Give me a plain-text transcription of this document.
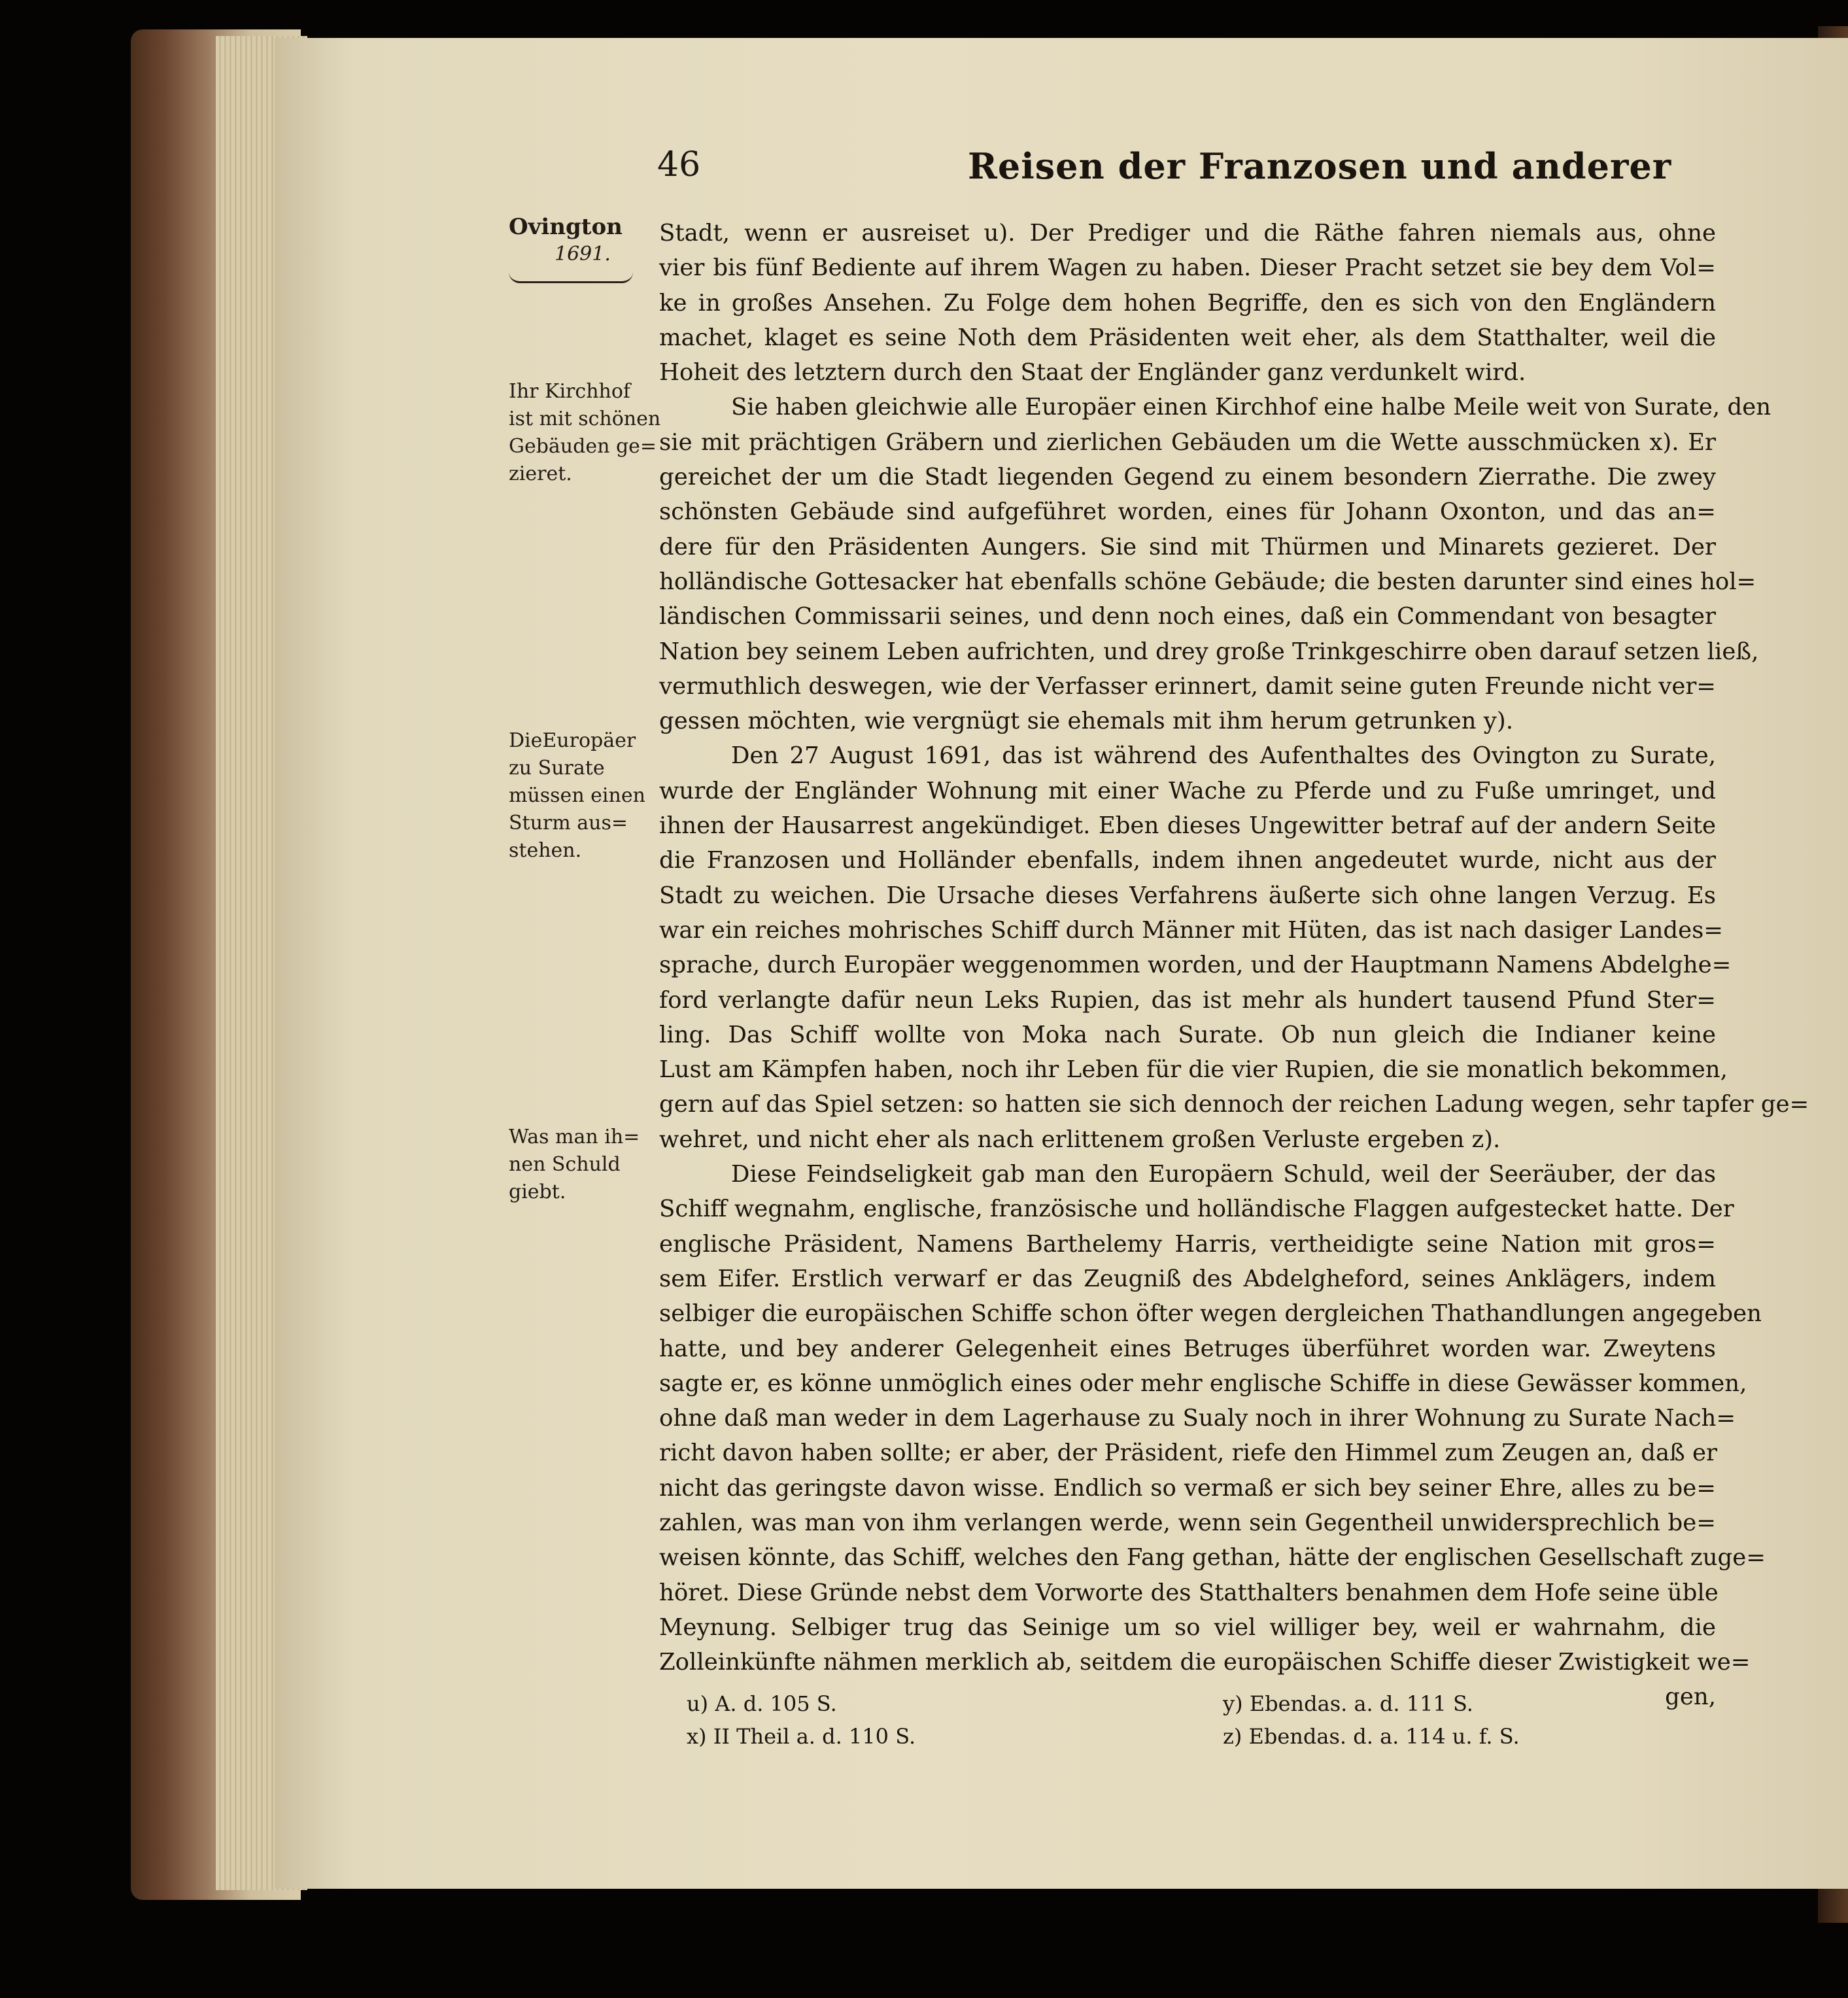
46	Reisen der Franzosen und anderer
Ovington
1691.
Ihr Kirchhof
ist mit schönen
Gebäuden ge=
zieret.
DieEuropäer
zu Surate
müssen einen
Sturm aus=
stehen.
Was man ih=
nen Schuld
giebt.
Stadt, wenn er ausreiset u). Der Prediger und die Räthe fahren niemals aus, ohne
vier bis fünf Bediente auf ihrem Wagen zu haben. Dieser Pracht setzet sie bey dem Vol=
ke in großes Ansehen. Zu Folge dem hohen Begriffe, den es sich von den Engländern
machet, klaget es seine Noth dem Präsidenten weit eher, als dem Statthalter, weil die
Hoheit des letztern durch den Staat der Engländer ganz verdunkelt wird.
Sie haben gleichwie alle Europäer einen Kirchhof eine halbe Meile weit von Surate, den
sie mit prächtigen Gräbern und zierlichen Gebäuden um die Wette ausschmücken x). Er
gereichet der um die Stadt liegenden Gegend zu einem besondern Zierrathe. Die zwey
schönsten Gebäude sind aufgeführet worden, eines für Johann Oxonton, und das an=
dere für den Präsidenten Aungers. Sie sind mit Thürmen und Minarets gezieret. Der
holländische Gottesacker hat ebenfalls schöne Gebäude; die besten darunter sind eines hol=
ländischen Commissarii seines, und denn noch eines, daß ein Commendant von besagter
Nation bey seinem Leben aufrichten, und drey große Trinkgeschirre oben darauf setzen ließ,
vermuthlich deswegen, wie der Verfasser erinnert, damit seine guten Freunde nicht ver=
gessen möchten, wie vergnügt sie ehemals mit ihm herum getrunken y).
Den 27 August 1691, das ist während des Aufenthaltes des Ovington zu Surate,
wurde der Engländer Wohnung mit einer Wache zu Pferde und zu Fuße umringet, und
ihnen der Hausarrest angekündiget. Eben dieses Ungewitter betraf auf der andern Seite
die Franzosen und Holländer ebenfalls, indem ihnen angedeutet wurde, nicht aus der
Stadt zu weichen. Die Ursache dieses Verfahrens äußerte sich ohne langen Verzug. Es
war ein reiches mohrisches Schiff durch Männer mit Hüten, das ist nach dasiger Landes=
sprache, durch Europäer weggenommen worden, und der Hauptmann Namens Abdelghe=
ford verlangte dafür neun Leks Rupien, das ist mehr als hundert tausend Pfund Ster=
ling. Das Schiff wollte von Moka nach Surate. Ob nun gleich die Indianer keine
Lust am Kämpfen haben, noch ihr Leben für die vier Rupien, die sie monatlich bekommen,
gern auf das Spiel setzen: so hatten sie sich dennoch der reichen Ladung wegen, sehr tapfer ge=
wehret, und nicht eher als nach erlittenem großen Verluste ergeben z).
Diese Feindseligkeit gab man den Europäern Schuld, weil der Seeräuber, der das
Schiff wegnahm, englische, französische und holländische Flaggen aufgestecket hatte. Der
englische Präsident, Namens Barthelemy Harris, vertheidigte seine Nation mit gros=
sem Eifer. Erstlich verwarf er das Zeugniß des Abdelgheford, seines Anklägers, indem
selbiger die europäischen Schiffe schon öfter wegen dergleichen Thathandlungen angegeben
hatte, und bey anderer Gelegenheit eines Betruges überführet worden war. Zweytens
sagte er, es könne unmöglich eines oder mehr englische Schiffe in diese Gewässer kommen,
ohne daß man weder in dem Lagerhause zu Sualy noch in ihrer Wohnung zu Surate Nach=
richt davon haben sollte; er aber, der Präsident, riefe den Himmel zum Zeugen an, daß er
nicht das geringste davon wisse. Endlich so vermaß er sich bey seiner Ehre, alles zu be=
zahlen, was man von ihm verlangen werde, wenn sein Gegentheil unwidersprechlich be=
weisen könnte, das Schiff, welches den Fang gethan, hätte der englischen Gesellschaft zuge=
höret. Diese Gründe nebst dem Vorworte des Statthalters benahmen dem Hofe seine üble
Meynung. Selbiger trug das Seinige um so viel williger bey, weil er wahrnahm, die
Zolleinkünfte nähmen merklich ab, seitdem die europäischen Schiffe dieser Zwistigkeit we=
gen,
u) A. d. 105 S.
x) II Theil a. d. 110 S.
y) Ebendas. a. d. 111 S.
z) Ebendas. d. a. 114 u. f. S.
